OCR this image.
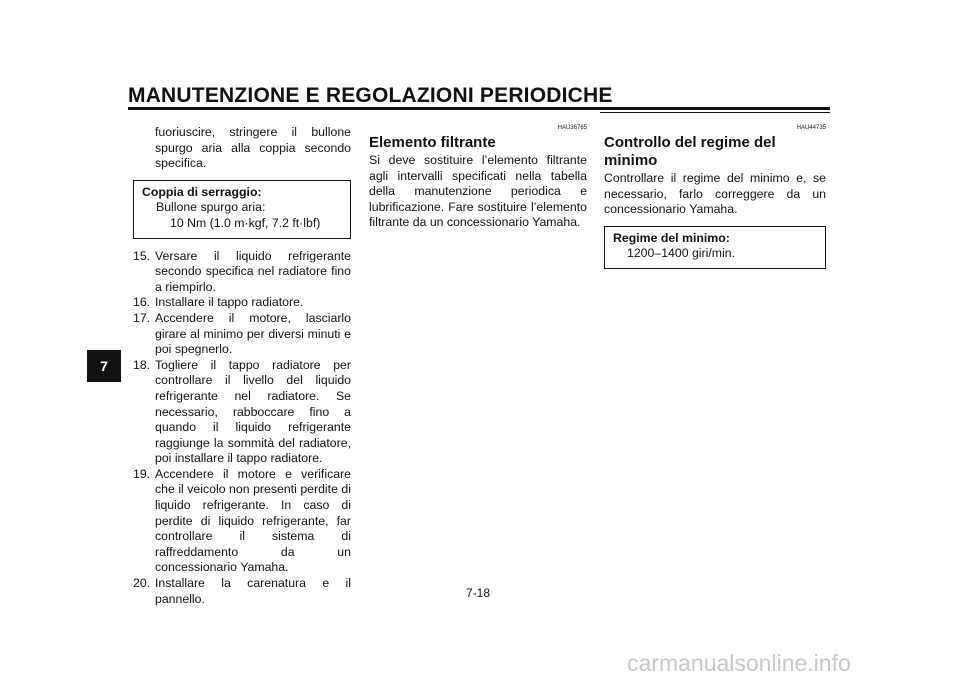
MANUTENZIONE E REGOLAZIONI PERIODICHE
7

fuoriuscire, stringere il bullone spurgo aria alla coppia secondo specifica.

Coppia di serraggio:
Bullone spurgo aria:
10 Nm (1.0 m·kgf, 7.2 ft·lbf)
15. Versare il liquido refrigerante secondo specifica nel radiatore fino a riempirlo.
16. Installare il tappo radiatore.
17. Accendere il motore, lasciarlo girare al minimo per diversi minuti e poi spegnerlo.
18. Togliere il tappo radiatore per controllare il livello del liquido refrigerante nel radiatore. Se necessario, rabboccare fino a quando il liquido refrigerante raggiunge la sommità del radiatore, poi installare il tappo radiatore.
19. Accendere il motore e verificare che il veicolo non presenti perdite di liquido refrigerante. In caso di perdite di liquido refrigerante, far controllare il sistema di raffreddamento da un concessionario Yamaha.
20. Installare la carenatura e il pannello.
HAU36765
Elemento filtrante

Si deve sostituire l’elemento filtrante agli intervalli specificati nella tabella della manutenzione periodica e lubrificazione. Fare sostituire l’elemento filtrante da un concessionario Yamaha.

HAU44735
Controllo del regime del minimo

Controllare il regime del minimo e, se necessario, farlo correggere da un concessionario Yamaha.

Regime del minimo:
1200–1400 giri/min.
7-18
carmanualsonline.info
